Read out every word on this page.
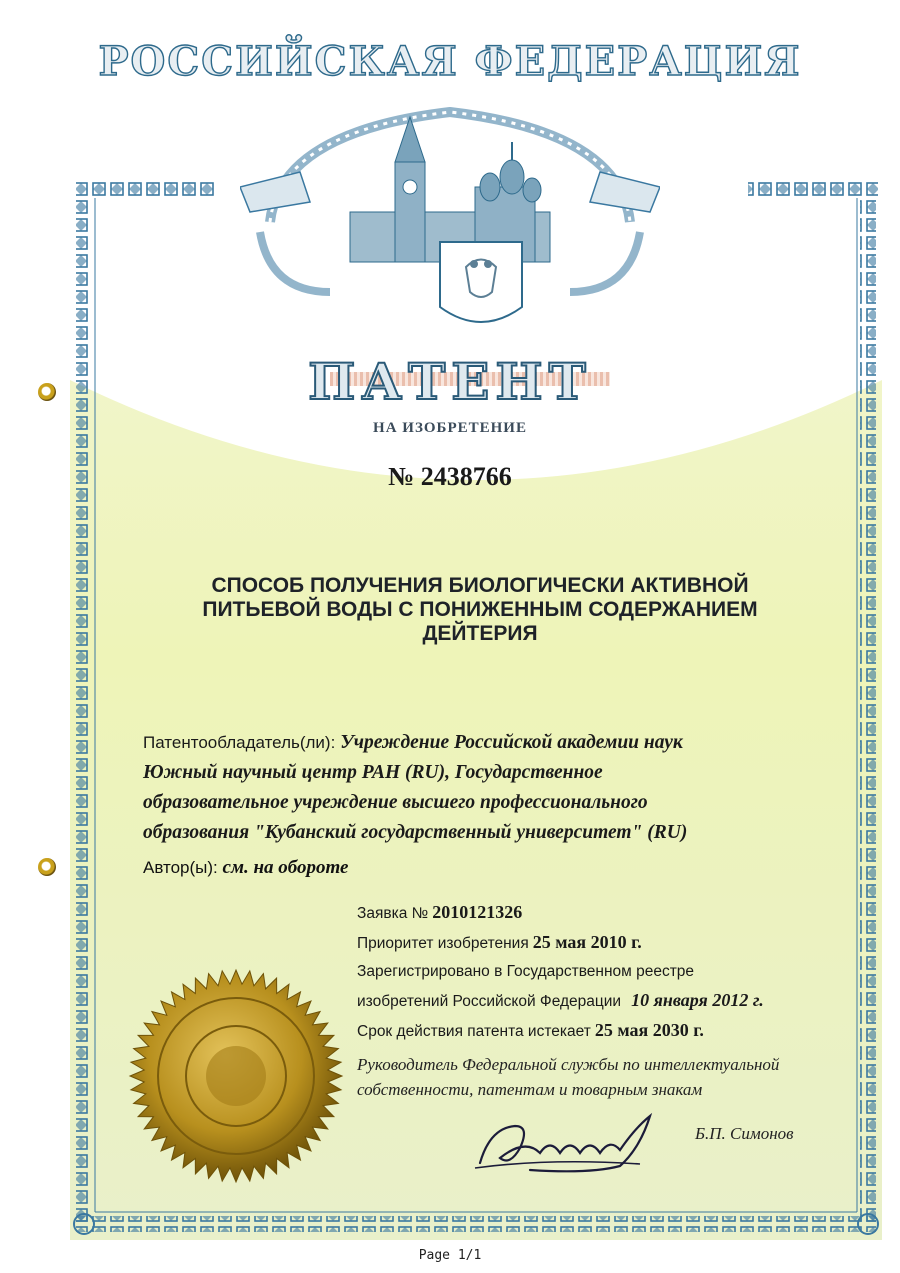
РОССИЙСКАЯ ФЕДЕРАЦИЯ
ПАТЕНТ
НА ИЗОБРЕТЕНИЕ
№ 2438766
СПОСОБ ПОЛУЧЕНИЯ БИОЛОГИЧЕСКИ АКТИВНОЙ
ПИТЬЕВОЙ ВОДЫ С ПОНИЖЕННЫМ СОДЕРЖАНИЕМ
ДЕЙТЕРИЯ
Патентообладатель(ли): Учреждение Российской академии наук
Южный научный центр РАН (RU), Государственное
образовательное учреждение высшего профессионального
образования "Кубанский государственный университет" (RU)
Автор(ы): см. на обороте
Заявка № 2010121326
Приоритет изобретения 25 мая 2010 г.
Зарегистрировано в Государственном реестре
изобретений Российской Федерации 10 января 2012 г.
Срок действия патента истекает 25 мая 2030 г.
Руководитель Федеральной службы по интеллектуальной
собственности, патентам и товарным знакам
Б.П. Симонов
Page 1/1
